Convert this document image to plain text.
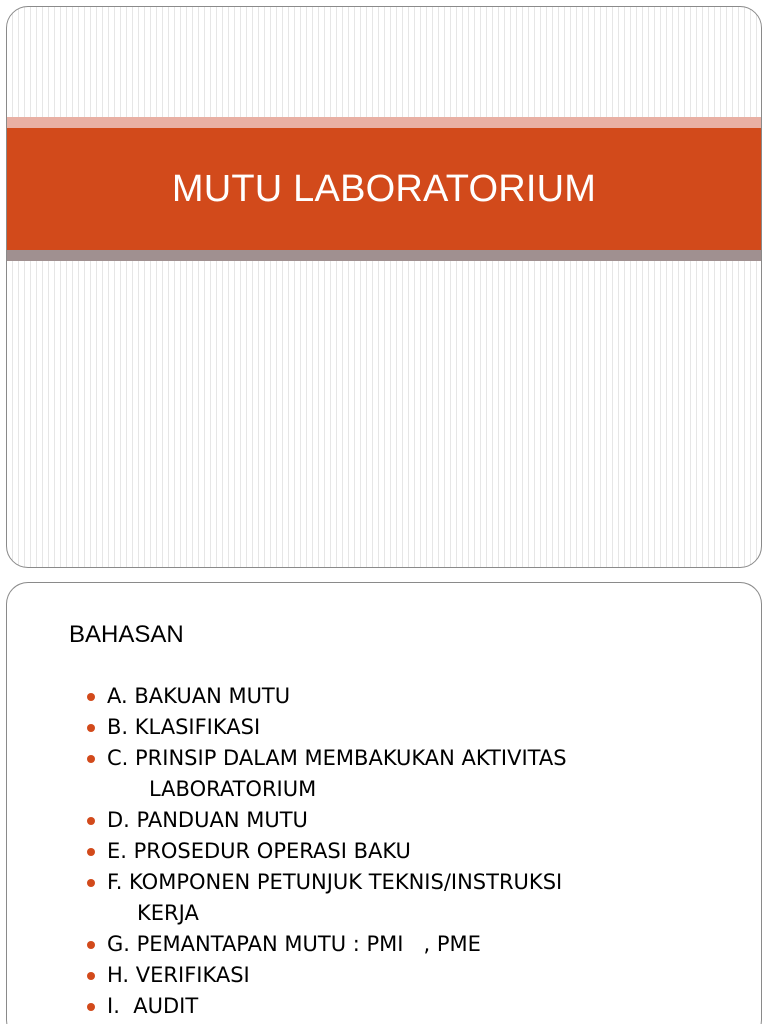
MUTU LABORATORIUM
BAHASAN
A. BAKUAN MUTU
B. KLASIFIKASI
C. PRINSIP DALAM MEMBAKUKAN AKTIVITAS
LABORATORIUM
D. PANDUAN MUTU
E. PROSEDUR OPERASI BAKU
F. KOMPONEN PETUNJUK TEKNIS/INSTRUKSI
KERJA
G. PEMANTAPAN MUTU : PMI   , PME
H. VERIFIKASI
I.  AUDIT
